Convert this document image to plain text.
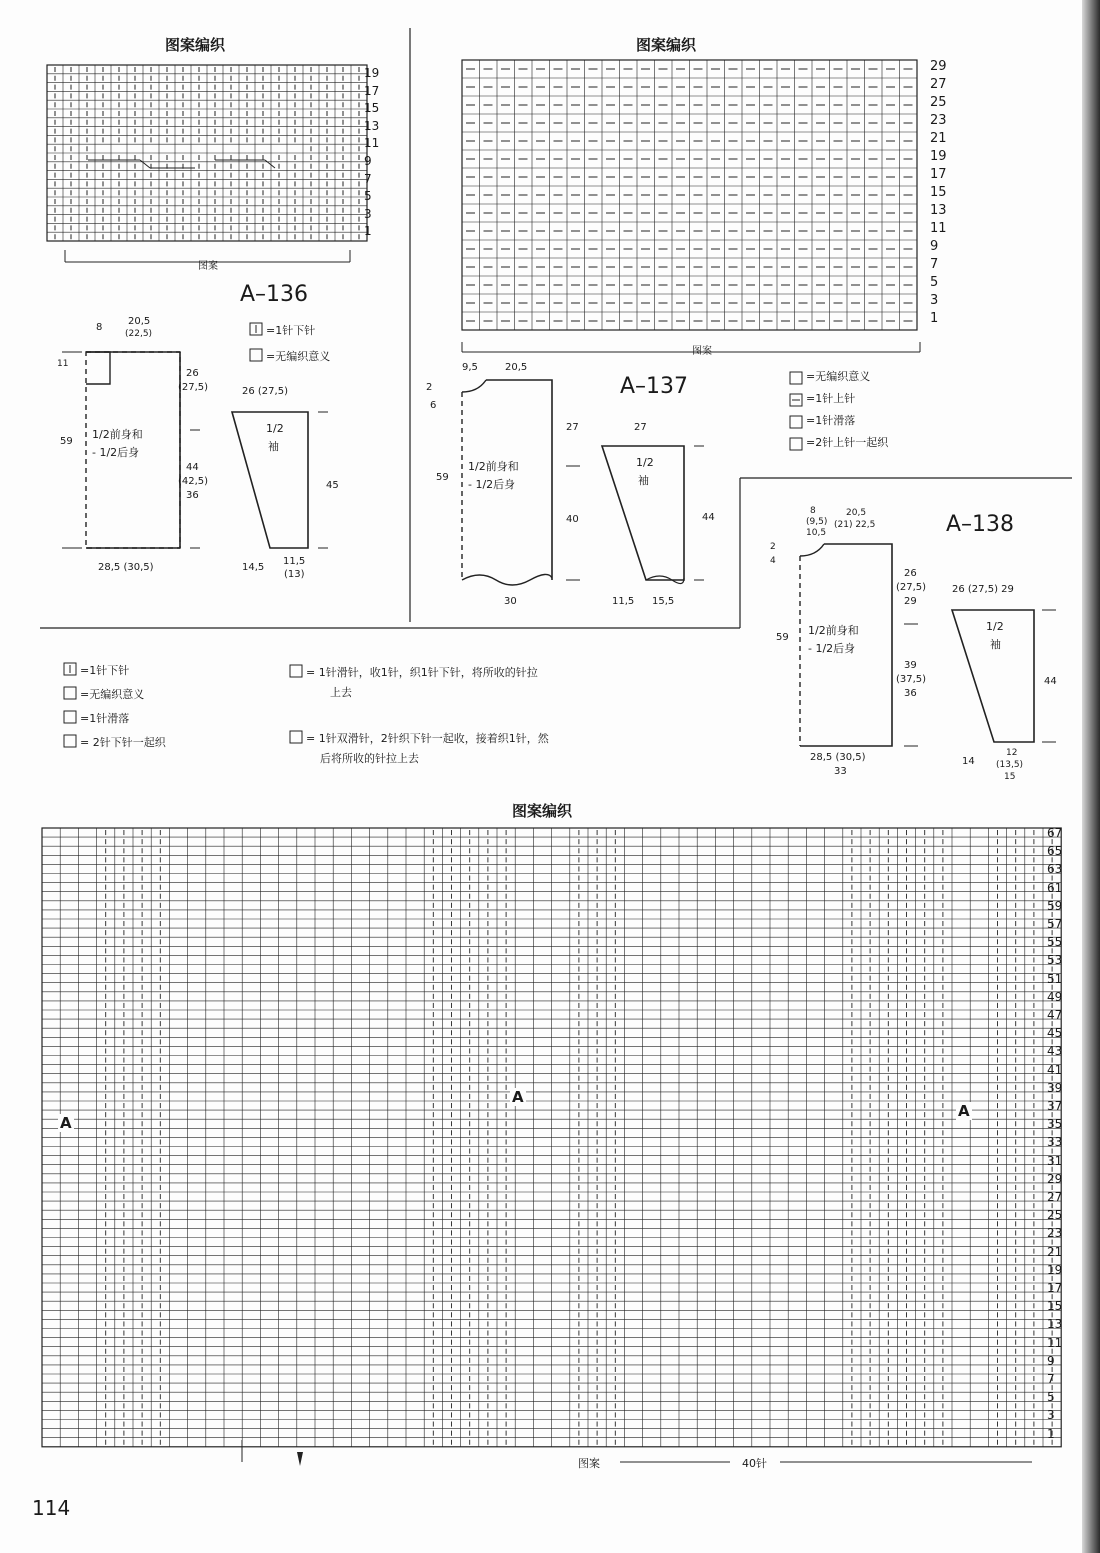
图案编织
19
17
15
13
11
9
7
5
3
1
图案
A–136
=1针下针
=无编织意义
8
20,5
(22,5)
11
59
26
(27,5)
44
(42,5)
36
28,5 (30,5)
1/2前身和
- 1/2后身
26 (27,5)
1/2
袖
45
14,5
11,5
(13)
图案编织
29
27
25
23
21
19
17
15
13
11
9
7
5
3
1
图案
A–137	=无编织意义
=1针上针
=1针滑落
=2针上针一起织
9,5	20,5
2
6
59
27
40
30
1/2前身和
- 1/2后身
27
1/2
袖
44
11,5 15,5
A–138
8
(9,5)
10,5
20,5
(21) 22,5
2
4
59
26
(27,5)
29
39
(37,5)
36
28,5 (30,5)
33
1/2前身和
- 1/2后身
26 (27,5) 29
1/2
袖
44
14
12
(13,5)
15
=1针下针
=无编织意义
=1针滑落
= 2针下针一起织
= 1针滑针，收1针，织1针下针，将所收的针拉
上去
= 1针双滑针，2针织下针一起收，接着织1针，然
后将所收的针拉上去
图案编织
67
65
63
61
59
57
55
53
51
49
47
45
43
41
39
37
35
33
31
29
27
25
23
21
19
17
15
13
11
9
7
5
3
1
A
A
A
图案	40针
114
